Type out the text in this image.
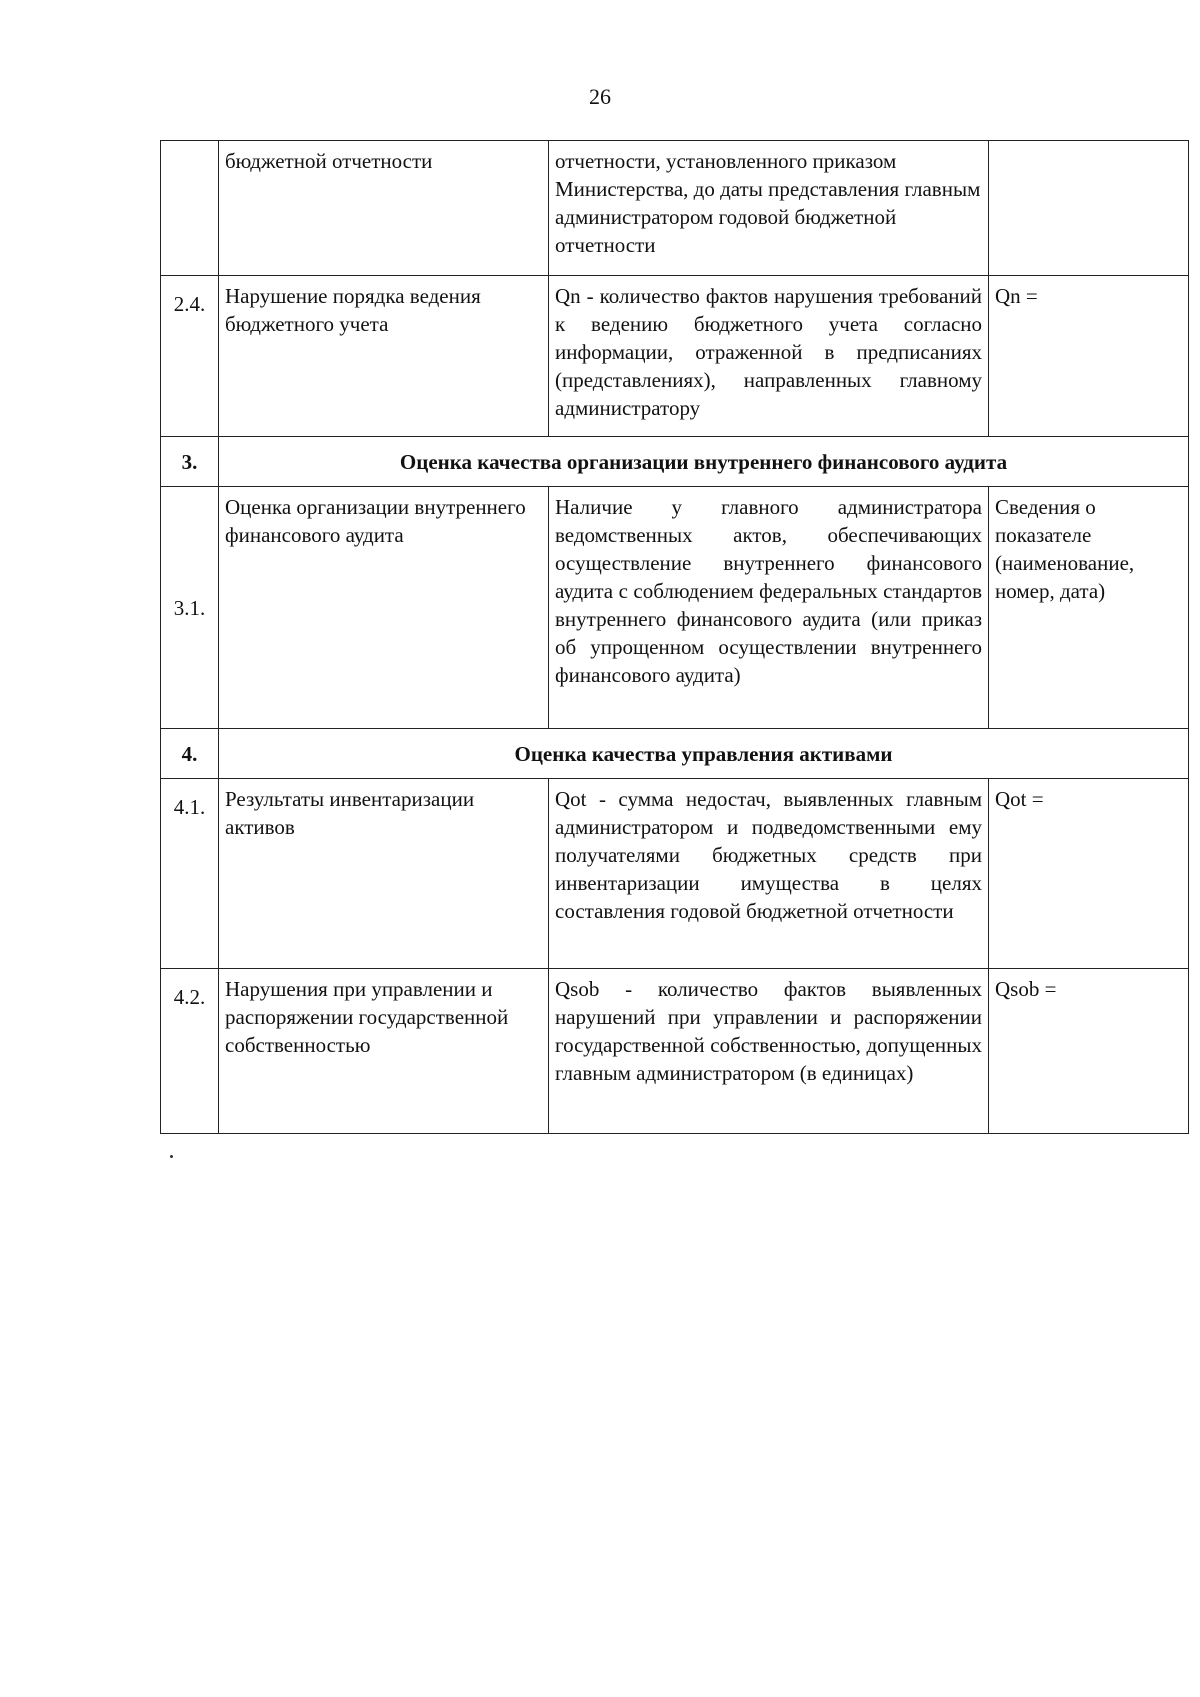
26
	бюджетной отчетности	отчетности, установленного приказом Министерства, до даты представления главным администратором годовой бюджетной отчетности	
2.4.	Нарушение порядка ведения бюджетного учета	Qn - количество фактов нарушения требований к ведению бюджетного учета согласно информации, отраженной в предписаниях (представлениях), направленных главному администратору	Qn =
3.	Оценка качества организации внутреннего финансового аудита		
3.1.	Оценка организации внутреннего финансового аудита	Наличие у главного администратора ведомственных актов, обеспечивающих осуществление внутреннего финансового аудита с соблюдением федеральных стандартов внутреннего финансового аудита (или приказ об упрощенном осуществлении внутреннего финансового аудита)	Сведения о показателе (наименование, номер, дата)
4.	Оценка качества управления активами		
4.1.	Результаты инвентаризации активов	Qot - сумма недостач, выявленных главным администратором и подведомственными ему получателями бюджетных средств при инвентаризации имущества в целях составления годовой бюджетной отчетности	Qot =
4.2.	Нарушения при управлении и распоряжении государственной собственностью	Qsob - количество фактов выявленных нарушений при управлении и распоряжении государственной собственностью, допущенных главным администратором (в единицах)	Qsob =
